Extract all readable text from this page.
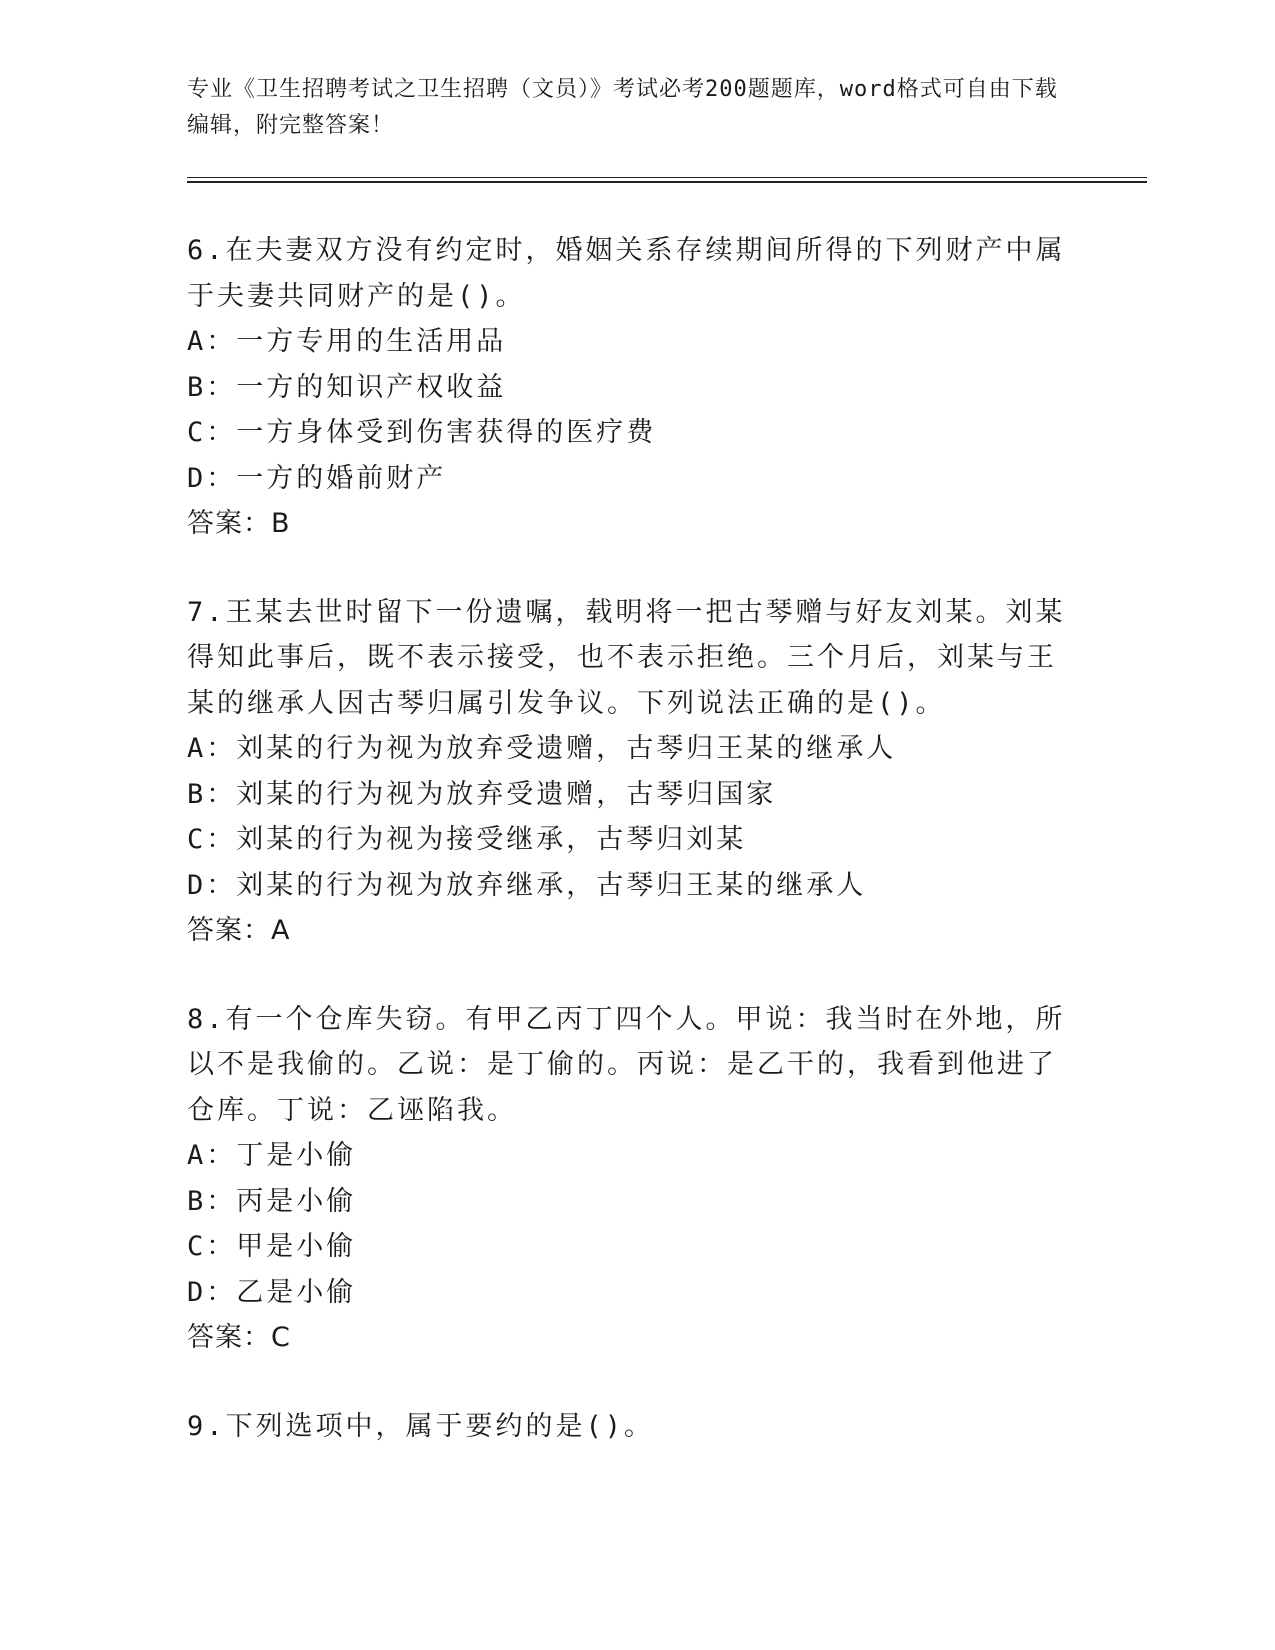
专业《卫生招聘考试之卫生招聘（文员）》考试必考200题题库，word格式可自由下载编辑，附完整答案！
6.在夫妻双方没有约定时，婚姻关系存续期间所得的下列财产中属于夫妻共同财产的是()。
A：一方专用的生活用品
B：一方的知识产权收益
C：一方身体受到伤害获得的医疗费
D：一方的婚前财产
答案：B
7.王某去世时留下一份遗嘱，载明将一把古琴赠与好友刘某。刘某得知此事后，既不表示接受，也不表示拒绝。三个月后，刘某与王某的继承人因古琴归属引发争议。下列说法正确的是()。
A：刘某的行为视为放弃受遗赠，古琴归王某的继承人
B：刘某的行为视为放弃受遗赠，古琴归国家
C：刘某的行为视为接受继承，古琴归刘某
D：刘某的行为视为放弃继承，古琴归王某的继承人
答案：A
8.有一个仓库失窃。有甲乙丙丁四个人。甲说：我当时在外地，所以不是我偷的。乙说：是丁偷的。丙说：是乙干的，我看到他进了仓库。丁说：乙诬陷我。
A：丁是小偷
B：丙是小偷
C：甲是小偷
D：乙是小偷
答案：C
9.下列选项中，属于要约的是()。
